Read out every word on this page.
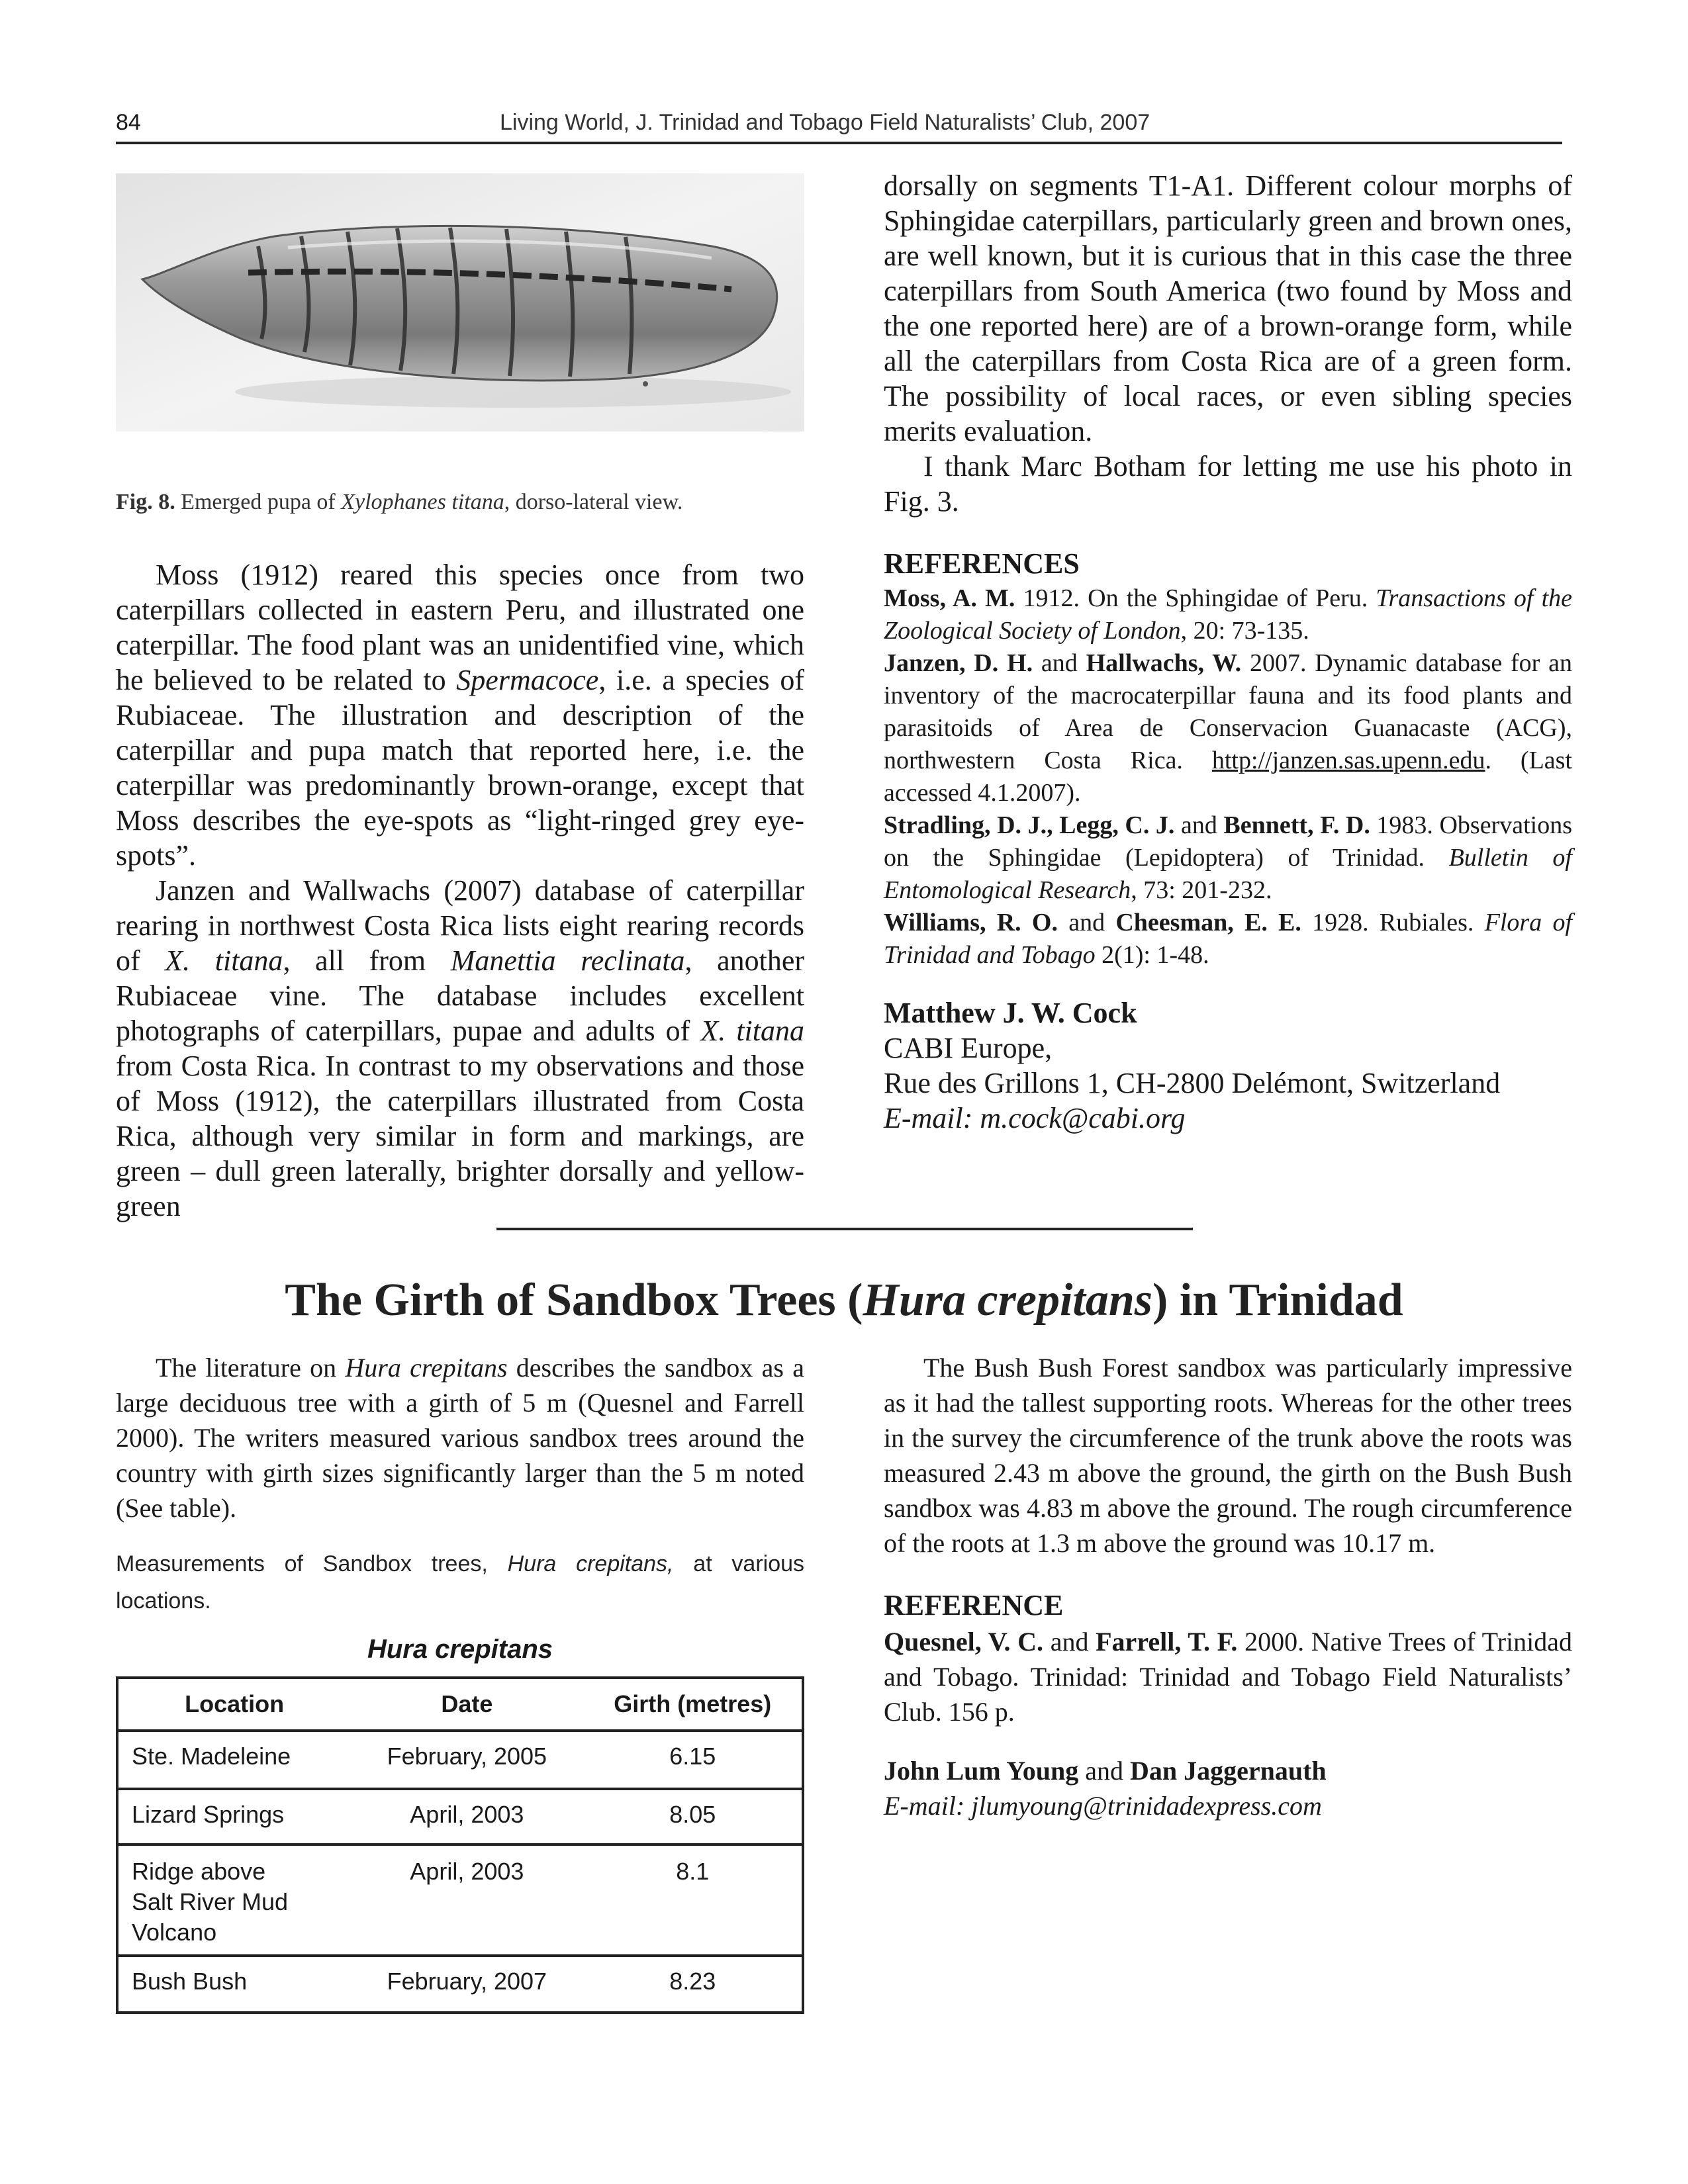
84	Living World, J. Trinidad and Tobago Field Naturalists’ Club, 2007
Fig. 8. Emerged pupa of Xylophanes titana, dorso-lateral view.

Moss (1912) reared this species once from two caterpillars collected in eastern Peru, and illustrated one caterpillar. The food plant was an unidentified vine, which he believed to be related to Spermacoce, i.e. a species of Rubiaceae. The illustration and description of the caterpillar and pupa match that reported here, i.e. the caterpillar was predominantly brown-orange, except that Moss describes the eye-spots as “light-ringed grey eye-spots”.

Janzen and Wallwachs (2007) database of caterpillar rearing in northwest Costa Rica lists eight rearing records of X. titana, all from Manettia reclinata, another Rubiaceae vine. The database includes excellent photographs of caterpillars, pupae and adults of X. titana from Costa Rica. In contrast to my observations and those of Moss (1912), the caterpillars illustrated from Costa Rica, although very similar in form and markings, are green – dull green laterally, brighter dorsally and yellow-green

dorsally on segments T1-A1. Different colour morphs of Sphingidae caterpillars, particularly green and brown ones, are well known, but it is curious that in this case the three caterpillars from South America (two found by Moss and the one reported here) are of a brown-orange form, while all the caterpillars from Costa Rica are of a green form. The possibility of local races, or even sibling species merits evaluation.

I thank Marc Botham for letting me use his photo in Fig. 3.

REFERENCES
Moss, A. M. 1912. On the Sphingidae of Peru. Transactions of the Zoological Society of London, 20: 73-135.
Janzen, D. H. and Hallwachs, W. 2007. Dynamic database for an inventory of the macrocaterpillar fauna and its food plants and parasitoids of Area de Conservacion Guanacaste (ACG), northwestern Costa Rica. http://janzen.sas.upenn.edu. (Last accessed 4.1.2007).
Stradling, D. J., Legg, C. J. and Bennett, F. D. 1983. Observations on the Sphingidae (Lepidoptera) of Trinidad. Bulletin of Entomological Research, 73: 201-232.
Williams, R. O. and Cheesman, E. E. 1928. Rubiales. Flora of Trinidad and Tobago 2(1): 1-48.
Matthew J. W. Cock
CABI Europe,
Rue des Grillons 1, CH-2800 Delémont, Switzerland
E-mail: m.cock@cabi.org
The Girth of Sandbox Trees (Hura crepitans) in Trinidad

The literature on Hura crepitans describes the sandbox as a large deciduous tree with a girth of 5 m (Quesnel and Farrell 2000). The writers measured various sandbox trees around the country with girth sizes significantly larger than the 5 m noted (See table).

Measurements of Sandbox trees, Hura crepitans, at various locations.
Hura crepitans
Location	Date	Girth (metres)
Ste. Madeleine	February, 2005	6.15
Lizard Springs	April, 2003	8.05
Ridge above Salt River Mud Volcano	April, 2003	8.1
Bush Bush	February, 2007	8.23

The Bush Bush Forest sandbox was particularly impressive as it had the tallest supporting roots. Whereas for the other trees in the survey the circumference of the trunk above the roots was measured 2.43 m above the ground, the girth on the Bush Bush sandbox was 4.83 m above the ground. The rough circumference of the roots at 1.3 m above the ground was 10.17 m.

REFERENCE
Quesnel, V. C. and Farrell, T. F. 2000. Native Trees of Trinidad and Tobago. Trinidad: Trinidad and Tobago Field Naturalists’ Club. 156 p.
John Lum Young and Dan Jaggernauth
E-mail: jlumyoung@trinidadexpress.com
